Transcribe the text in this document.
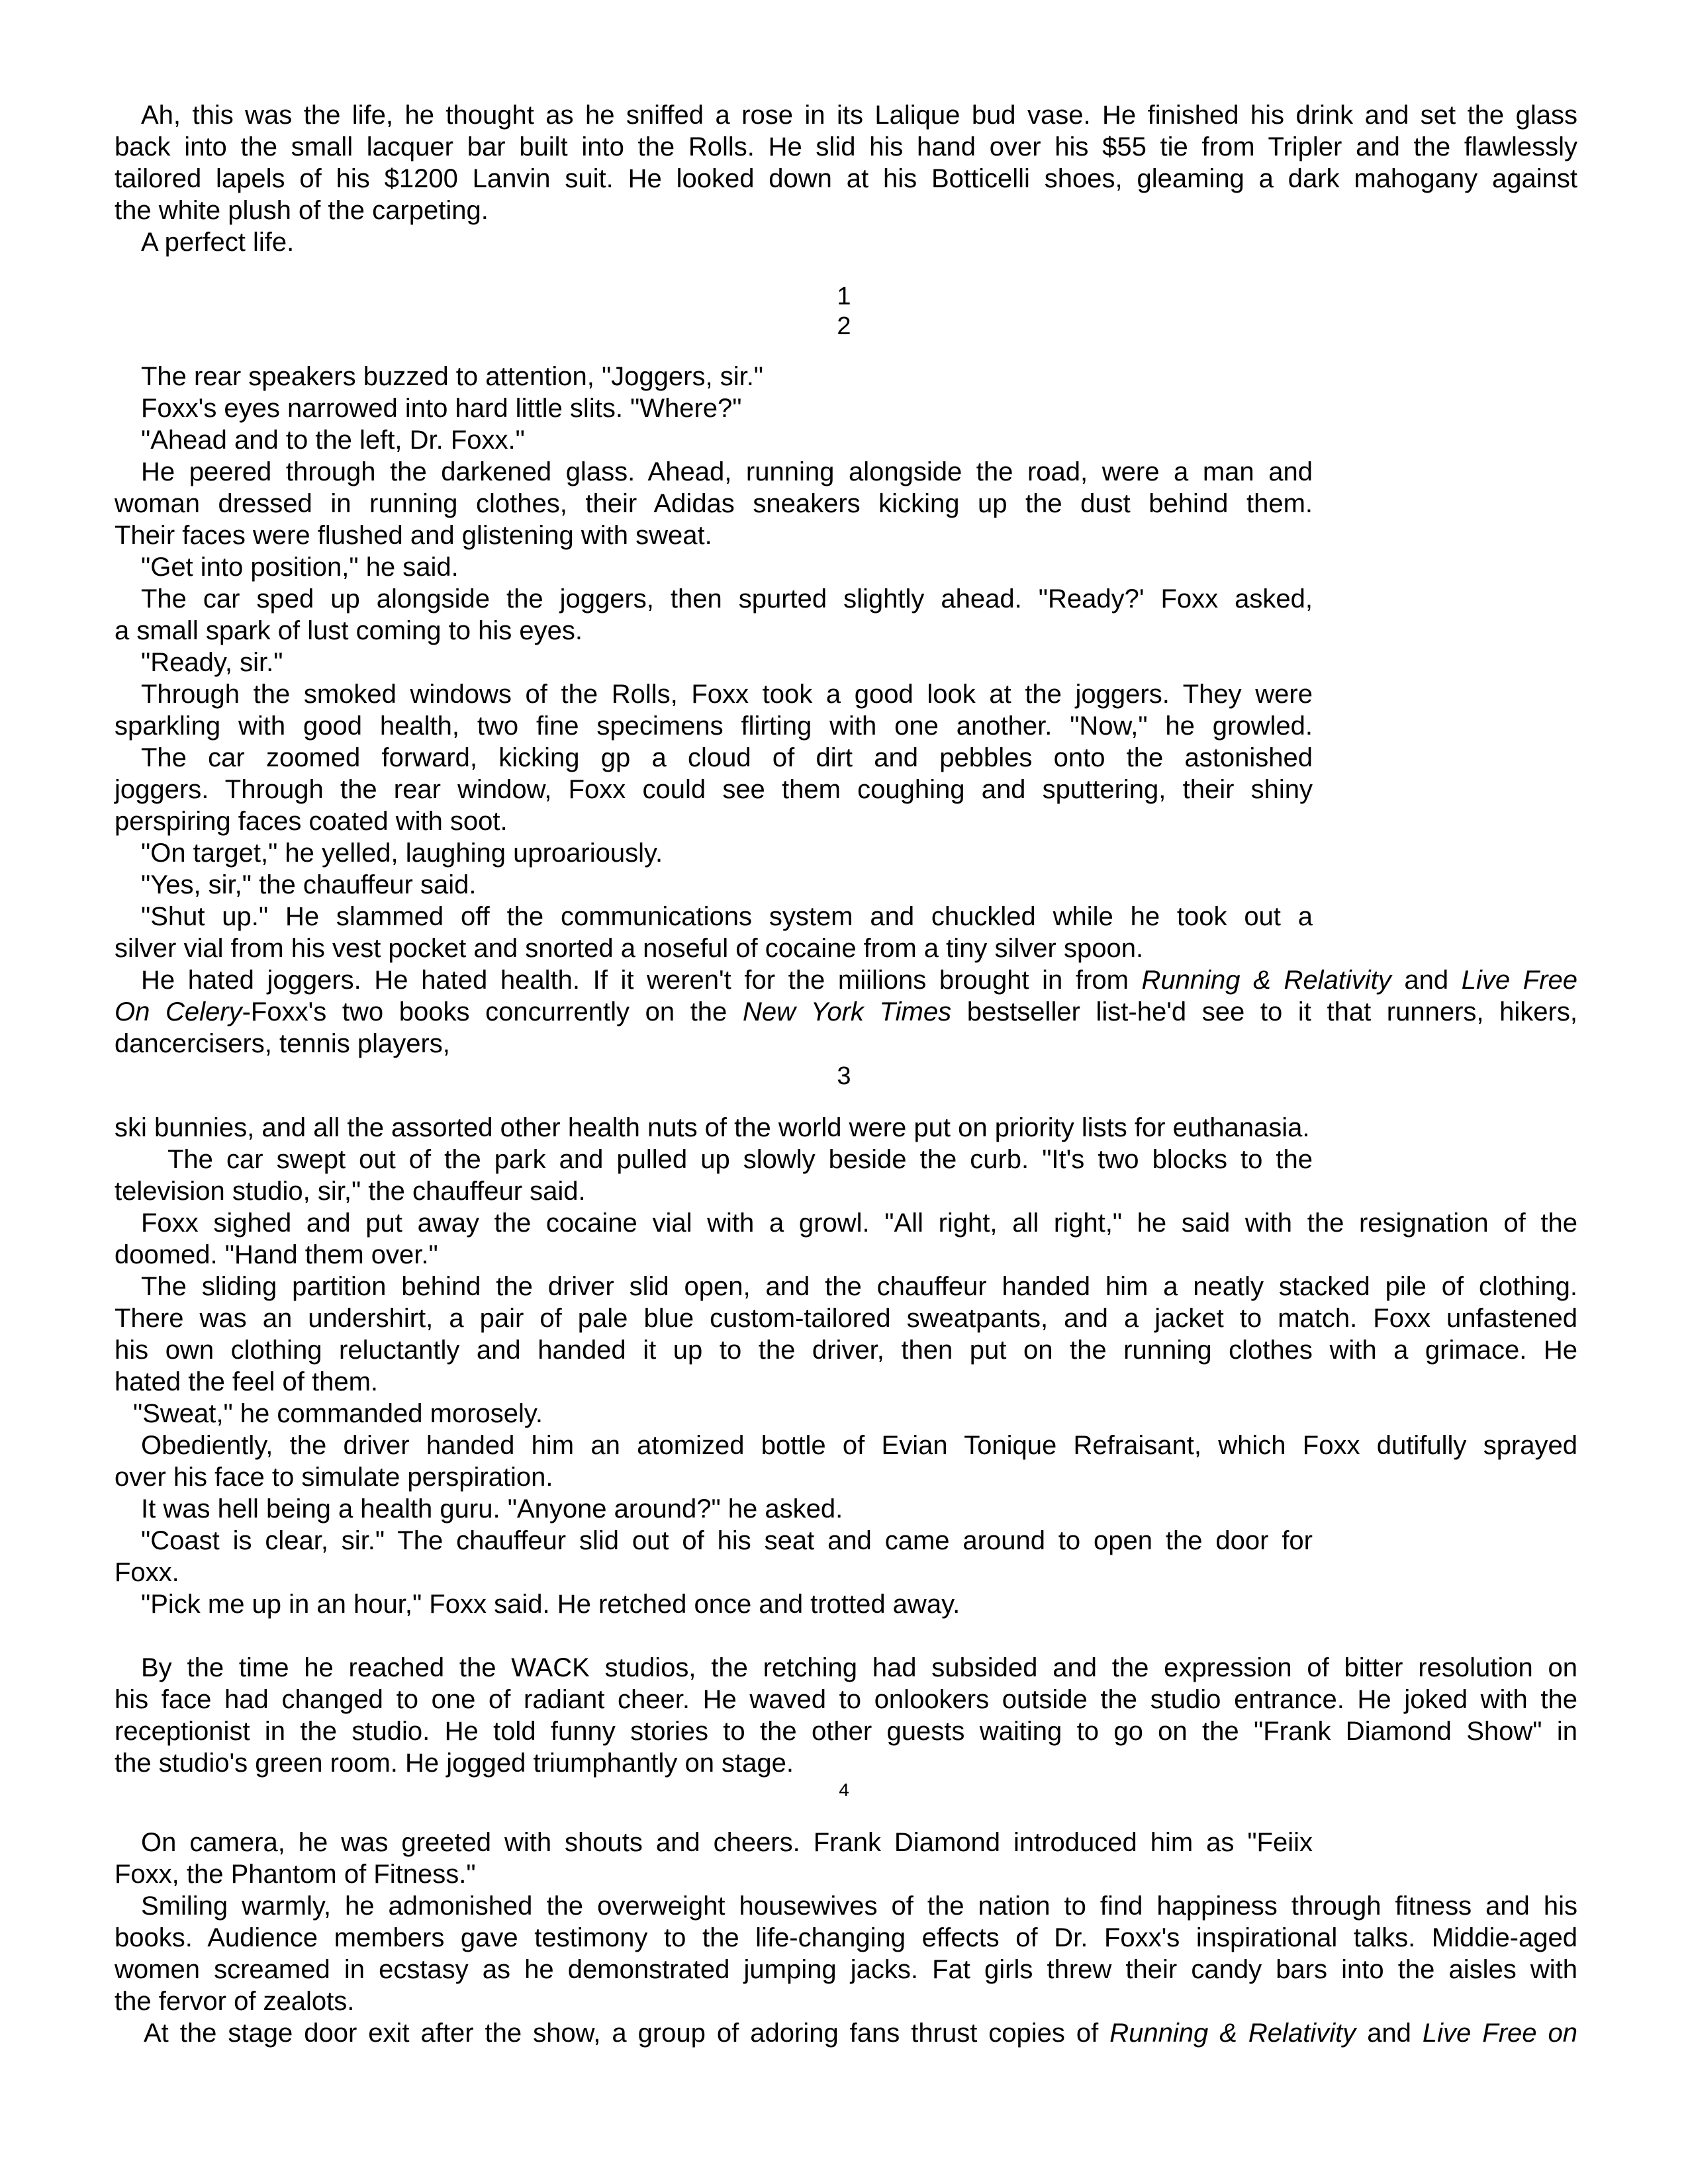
Ah, this was the life, he thought as he sniffed a rose in its Lalique bud vase. He finished his drink and set the glass

back into the small lacquer bar built into the Rolls. He slid his hand over his $55 tie from Tripler and the flawlessly

tailored lapels of his $1200 Lanvin suit. He looked down at his Botticelli shoes, gleaming a dark mahogany against

the white plush of the carpeting.

A perfect life.

1

2

The rear speakers buzzed to attention, "Joggers, sir."

Foxx's eyes narrowed into hard little slits. "Where?"

"Ahead and to the left, Dr. Foxx."

He peered through the darkened glass. Ahead, running alongside the road, were a man and

woman dressed in running clothes, their Adidas sneakers kicking up the dust behind them.

Their faces were flushed and glistening with sweat.

"Get into position," he said.

The car sped up alongside the joggers, then spurted slightly ahead. "Ready?' Foxx asked,

a small spark of lust coming to his eyes.

"Ready, sir."

Through the smoked windows of the Rolls, Foxx took a good look at the joggers. They were

sparkling with good health, two fine specimens flirting with one another. "Now," he growled.

The car zoomed forward, kicking gp a cloud of dirt and pebbles onto the astonished

joggers. Through the rear window, Foxx could see them coughing and sputtering, their shiny

perspiring faces coated with soot.

"On target," he yelled, laughing uproariously.

"Yes, sir," the chauffeur said.

"Shut up." He slammed off the communications system and chuckled while he took out a

silver vial from his vest pocket and snorted a noseful of cocaine from a tiny silver spoon.

He hated joggers. He hated health. If it weren't for the miilions brought in from Running & Relativity and Live Free

On Celery-Foxx's two books concurrently on the New York Times bestseller list-he'd see to it that runners, hikers,

dancercisers, tennis players,

3

ski bunnies, and all the assorted other health nuts of the world were put on priority lists for euthanasia.

The car swept out of the park and pulled up slowly beside the curb. "It's two blocks to the

television studio, sir," the chauffeur said.

Foxx sighed and put away the cocaine vial with a growl. "All right, all right," he said with the resignation of the

doomed. "Hand them over."

The sliding partition behind the driver slid open, and the chauffeur handed him a neatly stacked pile of clothing.

There was an undershirt, a pair of pale blue custom-tailored sweatpants, and a jacket to match. Foxx unfastened

his own clothing reluctantly and handed it up to the driver, then put on the running clothes with a grimace. He

hated the feel of them.

"Sweat," he commanded morosely.

Obediently, the driver handed him an atomized bottle of Evian Tonique Refraisant, which Foxx dutifully sprayed

over his face to simulate perspiration.

It was hell being a health guru. "Anyone around?" he asked.

"Coast is clear, sir." The chauffeur slid out of his seat and came around to open the door for

Foxx.

"Pick me up in an hour," Foxx said. He retched once and trotted away.

By the time he reached the WACK studios, the retching had subsided and the expression of bitter resolution on

his face had changed to one of radiant cheer. He waved to onlookers outside the studio entrance. He joked with the

receptionist in the studio. He told funny stories to the other guests waiting to go on the "Frank Diamond Show" in

the studio's green room. He jogged triumphantly on stage.

4

On camera, he was greeted with shouts and cheers. Frank Diamond introduced him as "Feiix

Foxx, the Phantom of Fitness."

Smiling warmly, he admonished the overweight housewives of the nation to find happiness through fitness and his

books. Audience members gave testimony to the life-changing effects of Dr. Foxx's inspirational talks. Middie-aged

women screamed in ecstasy as he demonstrated jumping jacks. Fat girls threw their candy bars into the aisles with

the fervor of zealots.

At the stage door exit after the show, a group of adoring fans thrust copies of Running & Relativity and Live Free on
